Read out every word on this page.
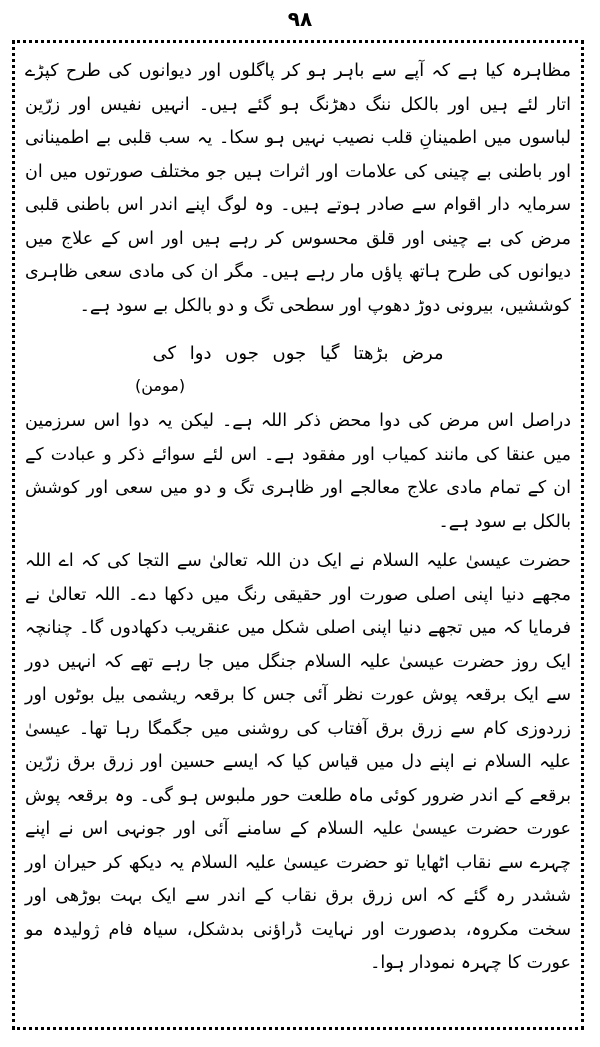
۹۸

مظاہرہ کیا ہے کہ آپے سے باہر ہو کر پاگلوں اور دیوانوں کی طرح کپڑے اتار لئے ہیں اور بالکل ننگ دھڑنگ ہو گئے ہیں۔ انہیں نفیس اور زرّین لباسوں میں اطمینانِ قلب نصیب نہیں ہو سکا۔ یہ سب قلبی بے اطمینانی اور باطنی بے چینی کی علامات اور اثرات ہیں جو مختلف صورتوں میں ان سرمایہ دار اقوام سے صادر ہوتے ہیں۔ وہ لوگ اپنے اندر اس باطنی قلبی مرض کی بے چینی اور قلق محسوس کر رہے ہیں اور اس کے علاج میں دیوانوں کی طرح ہاتھ پاؤں مار رہے ہیں۔ مگر ان کی مادی سعی ظاہری کوششیں، بیرونی دوڑ دھوپ اور سطحی تگ و دو بالکل بے سود ہے۔

مرض بڑھتا گیا جوں جوں دوا کی

(مومن)

دراصل اس مرض کی دوا محض ذکر اللہ ہے۔ لیکن یہ دوا اس سرزمین میں عنقا کی مانند کمیاب اور مفقود ہے۔ اس لئے سوائے ذکر و عبادت کے ان کے تمام مادی علاج معالجے اور ظاہری تگ و دو میں سعی اور کوشش بالکل بے سود ہے۔

حضرت عیسیٰ علیہ السلام نے ایک دن اللہ تعالیٰ سے التجا کی کہ اے اللہ مجھے دنیا اپنی اصلی صورت اور حقیقی رنگ میں دکھا دے۔ اللہ تعالیٰ نے فرمایا کہ میں تجھے دنیا اپنی اصلی شکل میں عنقریب دکھادوں گا۔ چنانچہ ایک روز حضرت عیسیٰ علیہ السلام جنگل میں جا رہے تھے کہ انہیں دور سے ایک برقعہ پوش عورت نظر آئی جس کا برقعہ ریشمی بیل بوٹوں اور زردوزی کام سے زرق برق آفتاب کی روشنی میں جگمگا رہا تھا۔ عیسیٰ علیہ السلام نے اپنے دل میں قیاس کیا کہ ایسے حسین اور زرق برق زرّین برقعے کے اندر ضرور کوئی ماہ طلعت حور ملبوس ہو گی۔ وہ برقعہ پوش عورت حضرت عیسیٰ علیہ السلام کے سامنے آئی اور جونہی اس نے اپنے چہرے سے نقاب اٹھایا تو حضرت عیسیٰ علیہ السلام یہ دیکھ کر حیران اور ششدر رہ گئے کہ اس زرق برق نقاب کے اندر سے ایک بہت بوڑھی اور سخت مکروہ، بدصورت اور نہایت ڈراؤنی بدشکل، سیاہ فام ژولیدہ مو عورت کا چہرہ نمودار ہوا۔
